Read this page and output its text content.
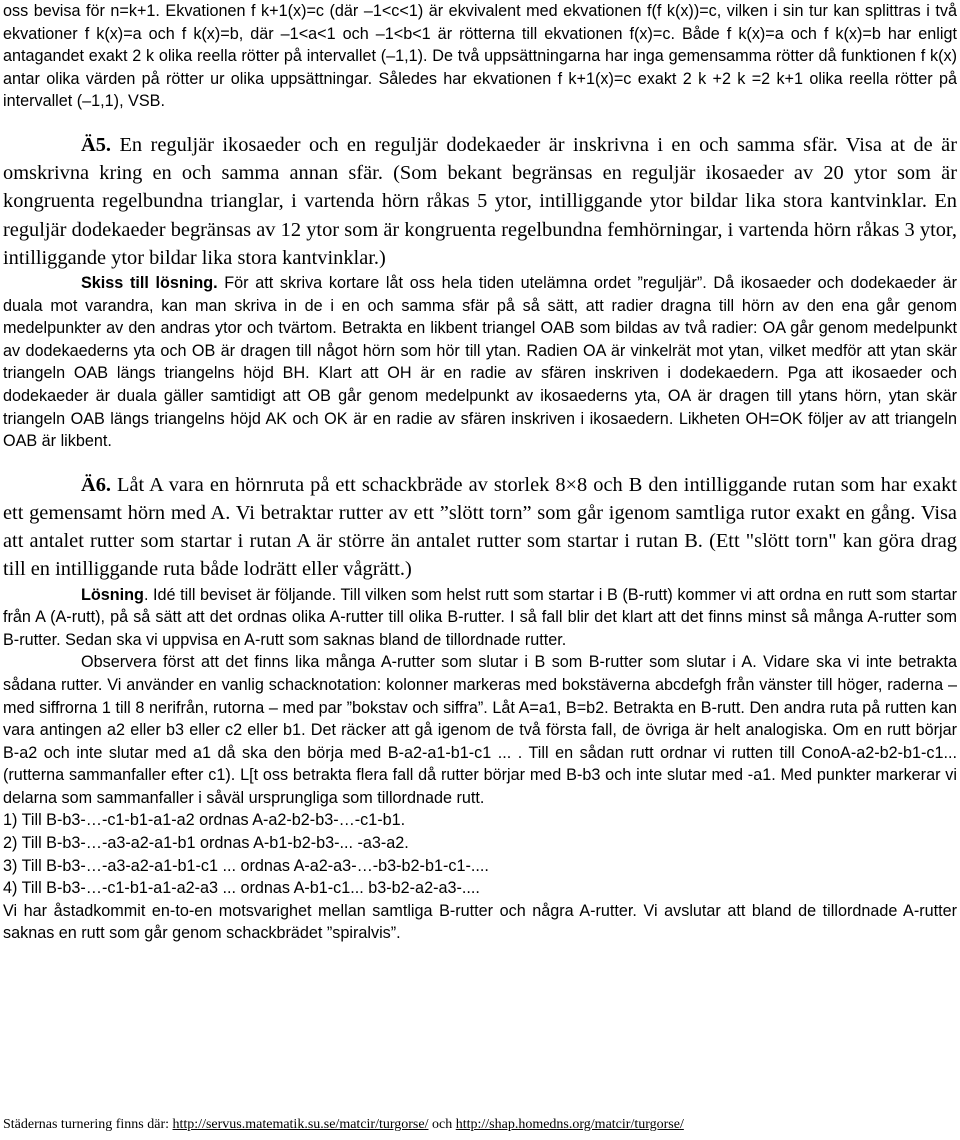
oss bevisa för n=k+1. Ekvationen f k+1(x)=c (där –1<c<1) är ekvivalent med ekvationen f(f k(x))=c, vilken i sin tur kan splittras i två ekvationer f k(x)=a och f k(x)=b, där –1<a<1 och –1<b<1 är rötterna till ekvationen f(x)=c. Både f k(x)=a och f k(x)=b har enligt antagandet exakt 2 k olika reella rötter på intervallet (–1,1). De två uppsättningarna har inga gemensamma rötter då funktionen f k(x) antar olika värden på rötter ur olika uppsättningar. Således har ekvationen f k+1(x)=c exakt 2 k +2 k =2 k+1 olika reella rötter på intervallet (–1,1), VSB.

Ä5. En reguljär ikosaeder och en reguljär dodekaeder är inskrivna i en och samma sfär. Visa at de är omskrivna kring en och samma annan sfär. (Som bekant begränsas en reguljär ikosaeder av 20 ytor som är kongruenta regelbundna trianglar, i vartenda hörn råkas 5 ytor, intilliggande ytor bildar lika stora kantvinklar. En reguljär dodekaeder begränsas av 12 ytor som är kongruenta regelbundna femhörningar, i vartenda hörn råkas 3 ytor, intilliggande ytor bildar lika stora kantvinklar.)

Skiss till lösning. För att skriva kortare låt oss hela tiden utelämna ordet ”reguljär”. Då ikosaeder och dodekaeder är duala mot varandra, kan man skriva in de i en och samma sfär på så sätt, att radier dragna till hörn av den ena går genom medelpunkter av den andras ytor och tvärtom. Betrakta en likbent triangel OAB som bildas av två radier: OA går genom medelpunkt av dodekaederns yta och OB är dragen till något hörn som hör till ytan. Radien OA är vinkelrät mot ytan, vilket medför att ytan skär triangeln OAB längs triangelns höjd BH. Klart att OH är en radie av sfären inskriven i dodekaedern. Pga att ikosaeder och dodekaeder är duala gäller samtidigt att OB går genom medelpunkt av ikosaederns yta, OA är dragen till ytans hörn, ytan skär triangeln OAB längs triangelns höjd AK och OK är en radie av sfären inskriven i ikosaedern. Likheten OH=OK följer av att triangeln OAB är likbent.

Ä6. Låt A vara en hörnruta på ett schackbräde av storlek 8×8 och B den intilliggande rutan som har exakt ett gemensamt hörn med A. Vi betraktar rutter av ett ”slött torn” som går igenom samtliga rutor exakt en gång. Visa att antalet rutter som startar i rutan A är större än antalet rutter som startar i rutan B. (Ett "slött torn" kan göra drag till en intilliggande ruta både lodrätt eller vågrätt.)

Lösning. Idé till beviset är följande. Till vilken som helst rutt som startar i B (B-rutt) kommer vi att ordna en rutt som startar från A (A-rutt), på så sätt att det ordnas olika A-rutter till olika B-rutter. I så fall blir det klart att det finns minst så många A-rutter som B-rutter. Sedan ska vi uppvisa en A-rutt som saknas bland de tillordnade rutter.

Observera först att det finns lika många A-rutter som slutar i B som B-rutter som slutar i A. Vidare ska vi inte betrakta sådana rutter. Vi använder en vanlig schacknotation: kolonner markeras med bokstäverna abcdefgh från vänster till höger, raderna – med siffrorna 1 till 8 nerifrån, rutorna – med par ”bokstav och siffra”. Låt A=a1, B=b2. Betrakta en B-rutt. Den andra ruta på rutten kan vara antingen a2 eller b3 eller c2 eller b1. Det räcker att gå igenom de två första fall, de övriga är helt analogiska. Om en rutt börjar B-a2 och inte slutar med a1 då ska den börja med B-a2-a1-b1-c1 ... . Till en sådan rutt ordnar vi rutten till ConoA-a2-b2-b1-c1... (rutterna sammanfaller efter c1). L[t oss betrakta flera fall då rutter börjar med B-b3 och inte slutar med -a1. Med punkter markerar vi delarna som sammanfaller i såväl ursprungliga som tillordnade rutt.

1) Till B-b3-…-c1-b1-a1-a2 ordnas A-a2-b2-b3-…-c1-b1.

2) Till B-b3-…-a3-a2-a1-b1 ordnas A-b1-b2-b3-... -a3-a2.

3) Till B-b3-…-a3-a2-a1-b1-c1 ... ordnas A-a2-a3-…-b3-b2-b1-c1-....

4) Till B-b3-…-c1-b1-a1-a2-a3 ... ordnas A-b1-c1... b3-b2-a2-a3-....

Vi har åstadkommit en-to-en motsvarighet mellan samtliga B-rutter och några A-rutter. Vi avslutar att bland de tillordnade A-rutter saknas en rutt som går genom schackbrädet ”spiralvis”.

Städernas turnering finns där: http://servus.matematik.su.se/matcir/turgorse/ och http://shap.homedns.org/matcir/turgorse/
